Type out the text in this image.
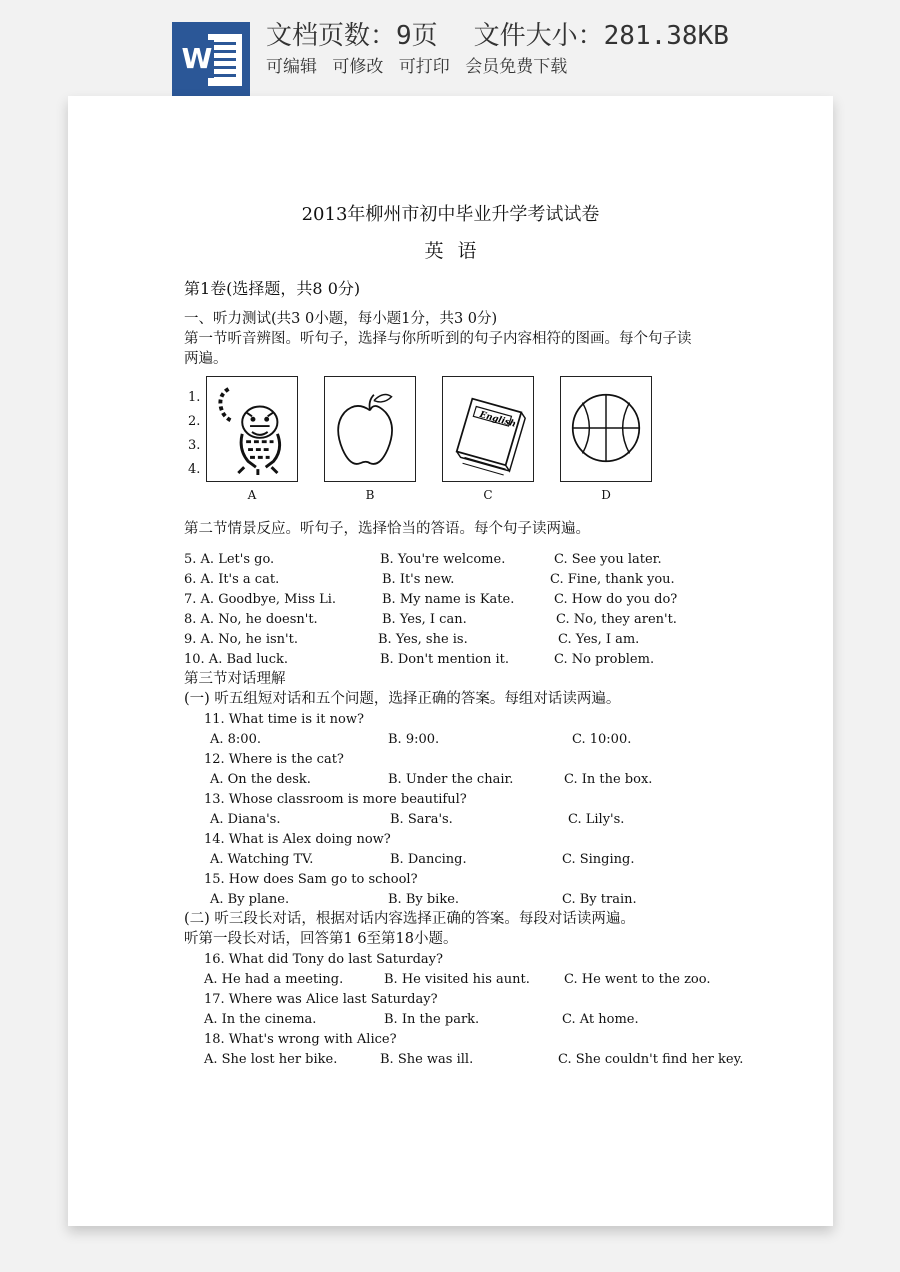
W
文档页数：9页 文件大小：281.38KB
可编辑 可修改 可打印 会员免费下载
2013年柳州市初中毕业升学考试试卷
英语
第1卷(选择题，共8 0分)
一、听力测试(共3 0小题，每小题1分，共3 0分)
第一节听音辨图。听句子，选择与你所听到的句子内容相符的图画。每个句子读
两遍。
1.
2.
3.
4.
English
A	B	C	D
第二节情景反应。听句子，选择恰当的答语。每个句子读两遍。
5. A. Let's go.	B. You're welcome.	C. See you later.
6. A. It's a cat.	B. It's new.	C. Fine, thank you.
7. A. Goodbye, Miss Li.	B. My name is Kate.	C. How do you do?
8. A. No, he doesn't.	B. Yes, I can.	C. No, they aren't.
9. A. No, he isn't.	B. Yes, she is.	C. Yes, I am.
10. A. Bad luck.	B. Don't mention it.	C. No problem.
第三节对话理解
(一) 听五组短对话和五个问题，选择正确的答案。每组对话读两遍。
11. What time is it now?
A. 8:00.	B. 9:00.	C. 10:00.
12. Where is the cat?
A. On the desk.	B. Under the chair.	C. In the box.
13. Whose classroom is more beautiful?
A. Diana's.	B. Sara's.	C. Lily's.
14. What is Alex doing now?
A. Watching TV.	B. Dancing.	C. Singing.
15. How does Sam go to school?
A. By plane.	B. By bike.	C. By train.
(二) 听三段长对话，根据对话内容选择正确的答案。每段对话读两遍。
听第一段长对话，回答第1 6至第18小题。
16. What did Tony do last Saturday?
A. He had a meeting.	B. He visited his aunt.	C. He went to the zoo.
17. Where was Alice last Saturday?
A. In the cinema.	B. In the park.	C. At home.
18. What's wrong with Alice?
A. She lost her bike.	B. She was ill.	C. She couldn't find her key.
